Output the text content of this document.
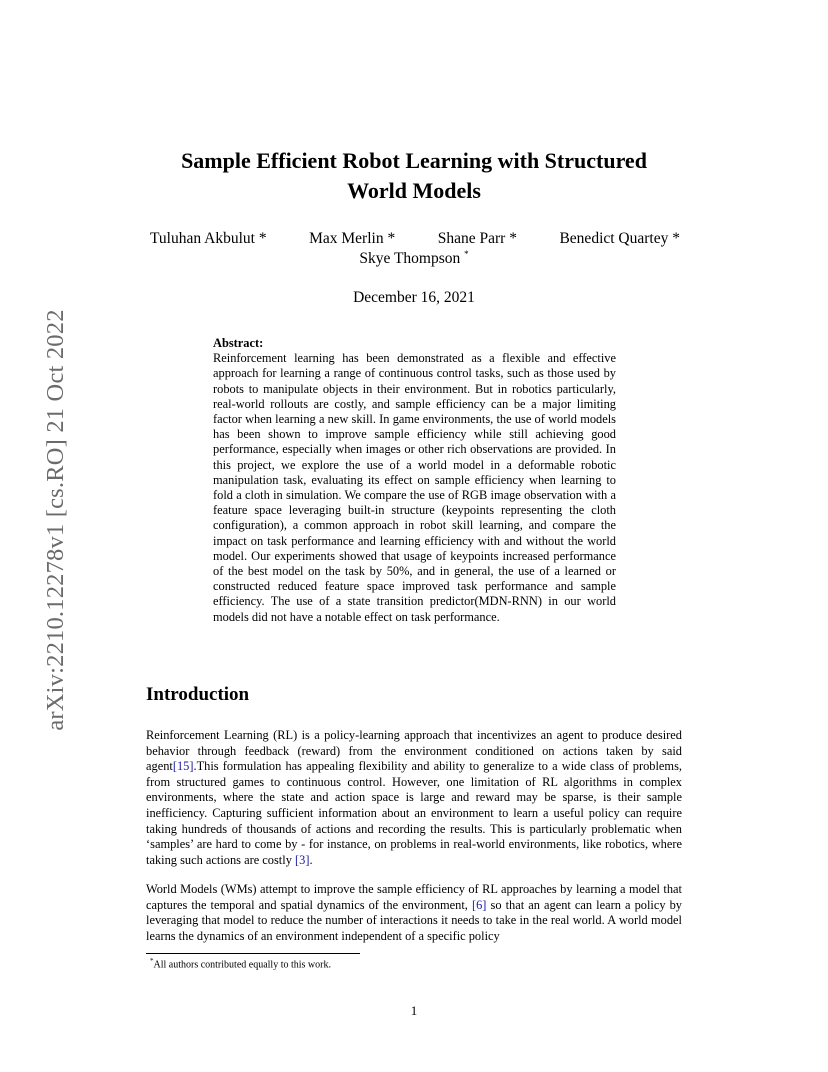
arXiv:2210.12278v1 [cs.RO] 21 Oct 2022
Sample Efficient Robot Learning with Structured
World Models
Tuluhan Akbulut *	Max Merlin *	Shane Parr *	Benedict Quartey *
Skye Thompson *
December 16, 2021
Abstract:
Reinforcement learning has been demonstrated as a flexible and effective approach for learning a range of continuous control tasks, such as those used by robots to manipulate objects in their environment. But in robotics particularly, real-world rollouts are costly, and sample efficiency can be a major limiting factor when learning a new skill. In game environments, the use of world models has been shown to improve sample efficiency while still achieving good performance, especially when images or other rich observations are provided. In this project, we explore the use of a world model in a deformable robotic manipulation task, evaluating its effect on sample efficiency when learning to fold a cloth in simulation. We compare the use of RGB image observation with a feature space leveraging built-in structure (keypoints representing the cloth configuration), a common approach in robot skill learning, and compare the impact on task performance and learning efficiency with and without the world model. Our experiments showed that usage of keypoints increased performance of the best model on the task by 50%, and in general, the use of a learned or constructed reduced feature space improved task performance and sample efficiency. The use of a state transition predictor(MDN-RNN) in our world models did not have a notable effect on task performance.
Introduction
Reinforcement Learning (RL) is a policy-learning approach that incentivizes an agent to produce desired behavior through feedback (reward) from the environment conditioned on actions taken by said agent[15].This formulation has appealing flexibility and ability to generalize to a wide class of problems, from structured games to continuous control. However, one limitation of RL algorithms in complex environments, where the state and action space is large and reward may be sparse, is their sample inefficiency. Capturing sufficient information about an environment to learn a useful policy can require taking hundreds of thousands of actions and recording the results. This is particularly problematic when ‘samples’ are hard to come by - for instance, on problems in real-world environments, like robotics, where taking such actions are costly [3].
World Models (WMs) attempt to improve the sample efficiency of RL approaches by learning a model that captures the temporal and spatial dynamics of the environment, [6] so that an agent can learn a policy by leveraging that model to reduce the number of interactions it needs to take in the real world. A world model learns the dynamics of an environment independent of a specific policy
*All authors contributed equally to this work.
1
